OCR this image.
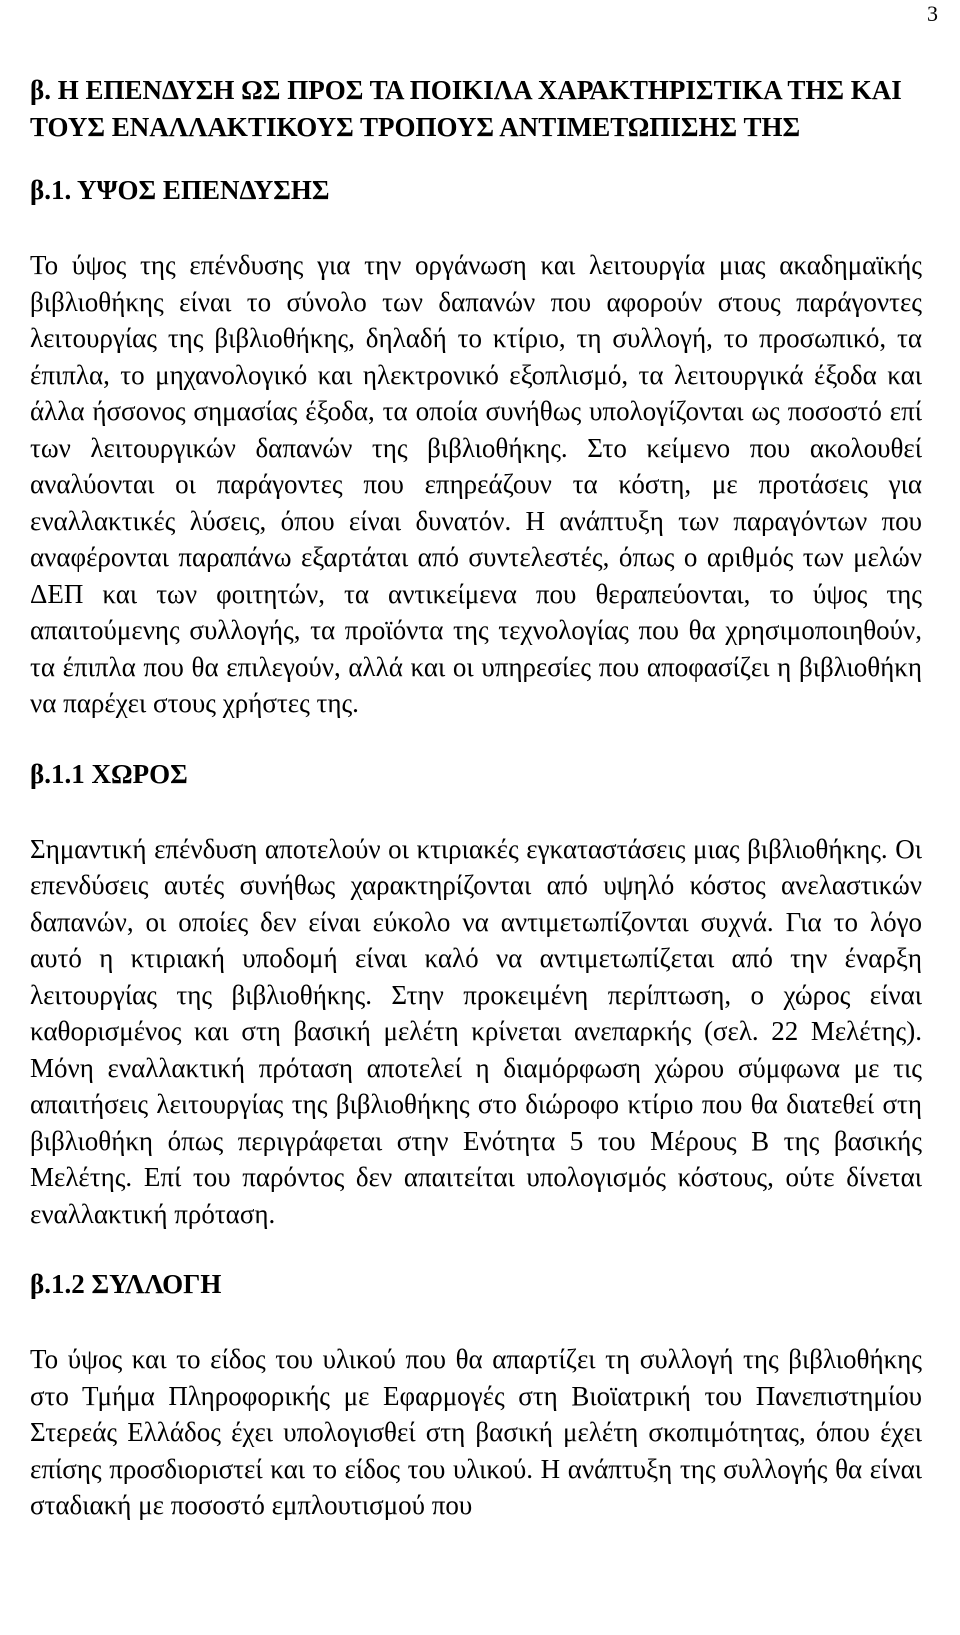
3
β. Η ΕΠΕΝΔΥΣΗ ΩΣ ΠΡΟΣ ΤΑ ΠΟΙΚΙΛΑ ΧΑΡΑΚΤΗΡΙΣΤΙΚΑ ΤΗΣ ΚΑΙ ΤΟΥΣ ΕΝΑΛΛΑΚΤΙΚΟΥΣ ΤΡΟΠΟΥΣ ΑΝΤΙΜΕΤΩΠΙΣΗΣ ΤΗΣ
β.1. ΥΨΟΣ ΕΠΕΝΔΥΣΗΣ

Το ύψος της επένδυσης για την οργάνωση και λειτουργία μιας ακαδημαϊκής βιβλιοθήκης είναι το σύνολο των δαπανών που αφορούν στους παράγοντες λειτουργίας της βιβλιοθήκης, δηλαδή το κτίριο, τη συλλογή, το προσωπικό, τα έπιπλα, το μηχανολογικό και ηλεκτρονικό εξοπλισμό, τα λειτουργικά έξοδα και άλλα ήσσονος σημασίας έξοδα, τα οποία συνήθως υπολογίζονται ως ποσοστό επί των λειτουργικών δαπανών της βιβλιοθήκης. Στο κείμενο που ακολουθεί αναλύονται οι παράγοντες που επηρεάζουν τα κόστη, με προτάσεις για εναλλακτικές λύσεις, όπου είναι δυνατόν. Η ανάπτυξη των παραγόντων που αναφέρονται παραπάνω εξαρτάται από συντελεστές, όπως ο αριθμός των μελών ΔΕΠ και των φοιτητών, τα αντικείμενα που θεραπεύονται, το ύψος της απαιτούμενης συλλογής, τα προϊόντα της τεχνολογίας που θα χρησιμοποιηθούν, τα έπιπλα που θα επιλεγούν, αλλά και οι υπηρεσίες που αποφασίζει η βιβλιοθήκη να παρέχει στους χρήστες της.

β.1.1 ΧΩΡΟΣ

Σημαντική επένδυση αποτελούν οι κτιριακές εγκαταστάσεις μιας βιβλιοθήκης. Οι επενδύσεις αυτές συνήθως χαρακτηρίζονται από υψηλό κόστος ανελαστικών δαπανών, οι οποίες δεν είναι εύκολο να αντιμετωπίζονται συχνά. Για το λόγο αυτό η κτιριακή υποδομή είναι καλό να αντιμετωπίζεται από την έναρξη λειτουργίας της βιβλιοθήκης. Στην προκειμένη περίπτωση, ο χώρος είναι καθορισμένος και στη βασική μελέτη κρίνεται ανεπαρκής (σελ. 22 Μελέτης). Μόνη εναλλακτική πρόταση αποτελεί η διαμόρφωση χώρου σύμφωνα με τις απαιτήσεις λειτουργίας της βιβλιοθήκης στο διώροφο κτίριο που θα διατεθεί στη βιβλιοθήκη όπως περιγράφεται στην Ενότητα 5 του Μέρους Β της βασικής Μελέτης. Επί του παρόντος δεν απαιτείται υπολογισμός κόστους, ούτε δίνεται εναλλακτική πρόταση.

β.1.2 ΣΥΛΛΟΓΗ

Το ύψος και το είδος του υλικού που θα απαρτίζει τη συλλογή της βιβλιοθήκης στο Τμήμα Πληροφορικής με Εφαρμογές στη Βιοϊατρική του Πανεπιστημίου Στερεάς Ελλάδος έχει υπολογισθεί στη βασική μελέτη σκοπιμότητας, όπου έχει επίσης προσδιοριστεί και το είδος του υλικού. Η ανάπτυξη της συλλογής θα είναι σταδιακή με ποσοστό εμπλουτισμού που
